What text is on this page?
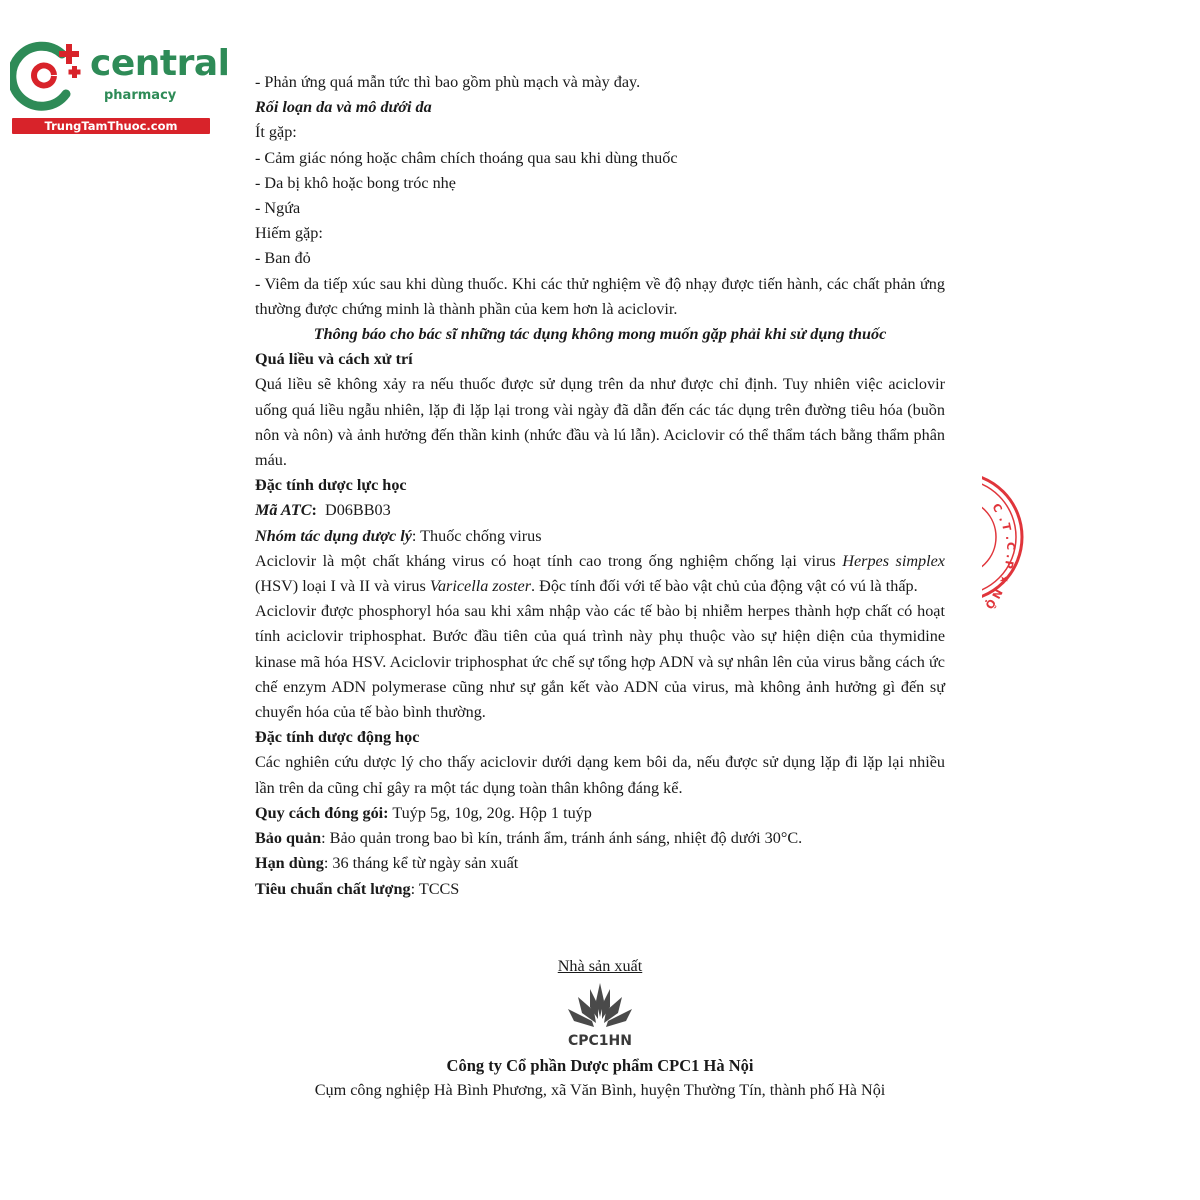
central
pharmacy
TrungTamThuoc.com

- Phản ứng quá mẫn tức thì bao gồm phù mạch và mày đay.

Rối loạn da và mô dưới da

Ít gặp:

- Cảm giác nóng hoặc châm chích thoáng qua sau khi dùng thuốc

- Da bị khô hoặc bong tróc nhẹ

- Ngứa

Hiếm gặp:

- Ban đỏ

- Viêm da tiếp xúc sau khi dùng thuốc. Khi các thử nghiệm về độ nhạy được tiến hành, các chất phản ứng thường được chứng minh là thành phần của kem hơn là aciclovir.

Thông báo cho bác sĩ những tác dụng không mong muốn gặp phải khi sử dụng thuốc

Quá liều và cách xử trí

Quá liều sẽ không xảy ra nếu thuốc được sử dụng trên da như được chỉ định. Tuy nhiên việc aciclovir uống quá liều ngẫu nhiên, lặp đi lặp lại trong vài ngày đã dẫn đến các tác dụng trên đường tiêu hóa (buồn nôn và nôn) và ảnh hưởng đến thần kinh (nhức đầu và lú lẫn). Aciclovir có thể thẩm tách bằng thẩm phân máu.

Đặc tính dược lực học

Mã ATC: D06BB03

Nhóm tác dụng dược lý: Thuốc chống virus

Aciclovir là một chất kháng virus có hoạt tính cao trong ống nghiệm chống lại virus Herpes simplex (HSV) loại I và II và virus Varicella zoster. Độc tính đối với tế bào vật chủ của động vật có vú là thấp.

Aciclovir được phosphoryl hóa sau khi xâm nhập vào các tế bào bị nhiễm herpes thành hợp chất có hoạt tính aciclovir triphosphat. Bước đầu tiên của quá trình này phụ thuộc vào sự hiện diện của thymidine kinase mã hóa HSV. Aciclovir triphosphat ức chế sự tổng hợp ADN và sự nhân lên của virus bằng cách ức chế enzym ADN polymerase cũng như sự gắn kết vào ADN của virus, mà không ảnh hưởng gì đến sự chuyển hóa của tế bào bình thường.

Đặc tính dược động học

Các nghiên cứu dược lý cho thấy aciclovir dưới dạng kem bôi da, nếu được sử dụng lặp đi lặp lại nhiều lần trên da cũng chỉ gây ra một tác dụng toàn thân không đáng kể.

Quy cách đóng gói: Tuýp 5g, 10g, 20g. Hộp 1 tuýp

Bảo quản: Bảo quản trong bao bì kín, tránh ẩm, tránh ánh sáng, nhiệt độ dưới 30°C.

Hạn dùng: 36 tháng kể từ ngày sản xuất

Tiêu chuẩn chất lượng: TCCS

C
.
T
.
C
.
P
★
N
Ộ

Nhà sản xuất

CPC1HN

Công ty Cổ phần Dược phẩm CPC1 Hà Nội

Cụm công nghiệp Hà Bình Phương, xã Văn Bình, huyện Thường Tín, thành phố Hà Nội
